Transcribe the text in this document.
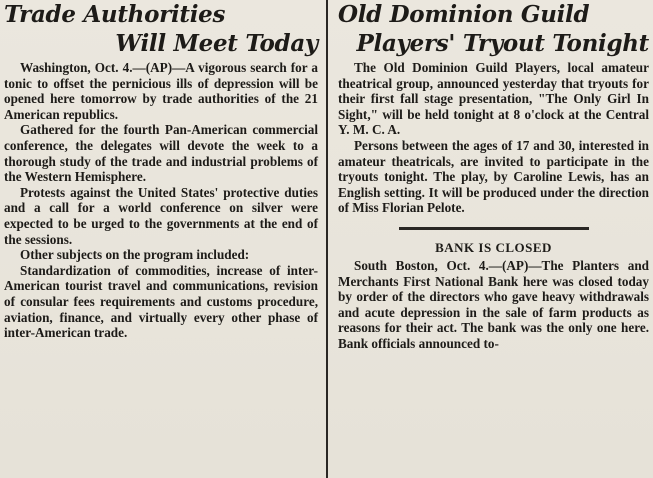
Trade Authorities
Will Meet Today

Washington, Oct. 4.—(AP)—A vigorous search for a tonic to offset the pernicious ills of depression will be opened here tomorrow by trade authorities of the 21 American republics.

Gathered for the fourth Pan-American commercial conference, the delegates will devote the week to a thorough study of the trade and industrial problems of the Western Hemisphere.

Protests against the United States' protective duties and a call for a world conference on silver were expected to be urged to the governments at the end of the sessions.

Other subjects on the program included:

Standardization of commodities, increase of inter-American tourist travel and communications, revision of consular fees requirements and customs procedure, aviation, finance, and virtually every other phase of inter-American trade.

Old Dominion Guild
Players' Tryout Tonight

The Old Dominion Guild Players, local amateur theatrical group, announced yesterday that tryouts for their first fall stage presentation, "The Only Girl In Sight," will be held tonight at 8 o'clock at the Central Y. M. C. A.

Persons between the ages of 17 and 30, interested in amateur theatricals, are invited to participate in the tryouts tonight. The play, by Caroline Lewis, has an English setting. It will be produced under the direction of Miss Florian Pelote.

BANK IS CLOSED

South Boston, Oct. 4.—(AP)—The Planters and Merchants First National Bank here was closed today by order of the directors who gave heavy withdrawals and acute depression in the sale of farm products as reasons for their act. The bank was the only one here. Bank officials announced to-
